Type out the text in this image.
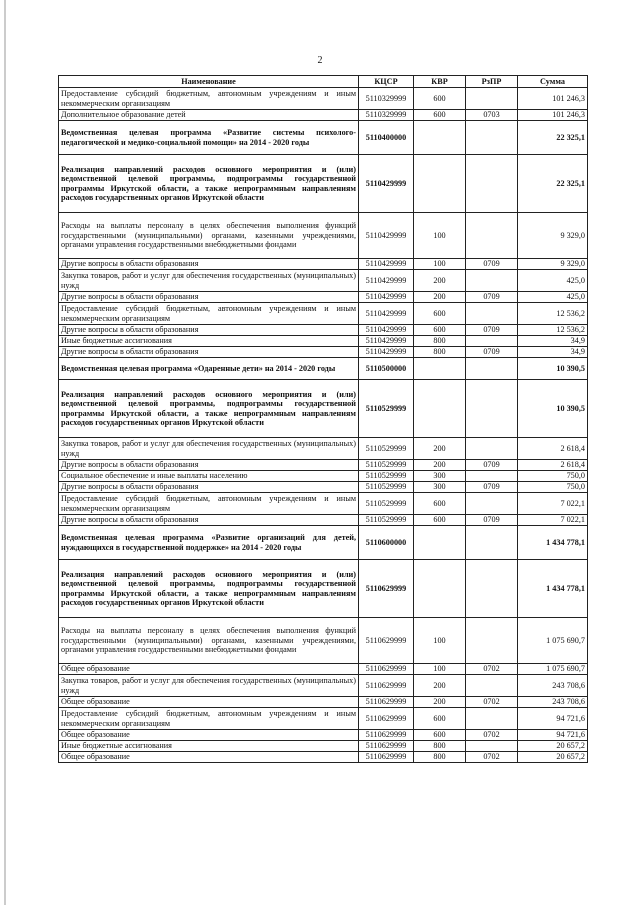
2
Наименование	КЦСР	КВР	РзПР	Сумма
Предоставление субсидий бюджетным, автономным учреждениям и иным некоммерческим организациям	5110329999	600		101 246,3
Дополнительное образование детей	5110329999	600	0703	101 246,3
Ведомственная целевая программа «Развитие системы психолого-педагогической и медико-социальной помощи» на 2014 - 2020 годы	5110400000			22 325,1
Реализация направлений расходов основного мероприятия и (или) ведомственной целевой программы, подпрограммы государственной программы Иркутской области, а также непрограммным направлениям расходов государственных органов Иркутской области	5110429999			22 325,1
Расходы на выплаты персоналу в целях обеспечения выполнения функций государственными (муниципальными) органами, казенными учреждениями, органами управления государственными внебюджетными фондами	5110429999	100		9 329,0
Другие вопросы в области образования	5110429999	100	0709	9 329,0
Закупка товаров, работ и услуг для обеспечения государственных (муниципальных) нужд	5110429999	200		425,0
Другие вопросы в области образования	5110429999	200	0709	425,0
Предоставление субсидий бюджетным, автономным учреждениям и иным некоммерческим организациям	5110429999	600		12 536,2
Другие вопросы в области образования	5110429999	600	0709	12 536,2
Иные бюджетные ассигнования	5110429999	800		34,9
Другие вопросы в области образования	5110429999	800	0709	34,9
Ведомственная целевая программа «Одаренные дети» на 2014 - 2020 годы	5110500000			10 390,5
Реализация направлений расходов основного мероприятия и (или) ведомственной целевой программы, подпрограммы государственной программы Иркутской области, а также непрограммным направлениям расходов государственных органов Иркутской области	5110529999			10 390,5
Закупка товаров, работ и услуг для обеспечения государственных (муниципальных) нужд	5110529999	200		2 618,4
Другие вопросы в области образования	5110529999	200	0709	2 618,4
Социальное обеспечение и иные выплаты населению	5110529999	300		750,0
Другие вопросы в области образования	5110529999	300	0709	750,0
Предоставление субсидий бюджетным, автономным учреждениям и иным некоммерческим организациям	5110529999	600		7 022,1
Другие вопросы в области образования	5110529999	600	0709	7 022,1
Ведомственная целевая программа «Развитие организаций для детей, нуждающихся в государственной поддержке» на 2014 - 2020 годы	5110600000			1 434 778,1
Реализация направлений расходов основного мероприятия и (или) ведомственной целевой программы, подпрограммы государственной программы Иркутской области, а также непрограммным направлениям расходов государственных органов Иркутской области	5110629999			1 434 778,1
Расходы на выплаты персоналу в целях обеспечения выполнения функций государственными (муниципальными) органами, казенными учреждениями, органами управления государственными внебюджетными фондами	5110629999	100		1 075 690,7
Общее образование	5110629999	100	0702	1 075 690,7
Закупка товаров, работ и услуг для обеспечения государственных (муниципальных) нужд	5110629999	200		243 708,6
Общее образование	5110629999	200	0702	243 708,6
Предоставление субсидий бюджетным, автономным учреждениям и иным некоммерческим организациям	5110629999	600		94 721,6
Общее образование	5110629999	600	0702	94 721,6
Иные бюджетные ассигнования	5110629999	800		20 657,2
Общее образование	5110629999	800	0702	20 657,2
